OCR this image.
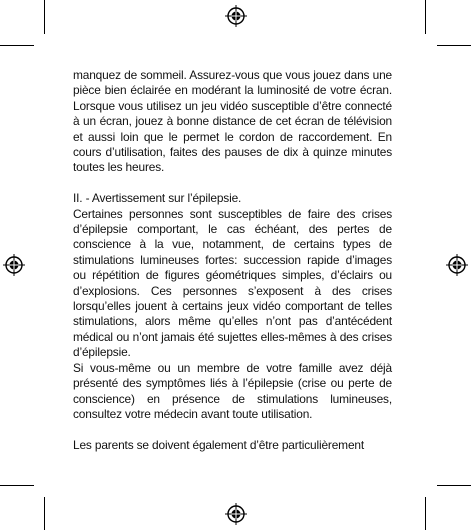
manquez de sommeil. Assurez-vous que vous jouez dans une pièce bien éclairée en modérant la luminosité de votre écran. Lorsque vous utilisez un jeu vidéo susceptible d’être connecté à un écran, jouez à bonne distance de cet écran de télévision et aussi loin que le permet le cordon de raccordement. En cours d’utilisation, faites des pauses de dix à quinze minutes toutes les heures.

II. - Avertissement sur l’épilepsie.

Certaines personnes sont susceptibles de faire des crises d’épilepsie comportant, le cas échéant, des pertes de conscience à la vue, notamment, de certains types de stimulations lumineuses fortes: succession rapide d’images ou répétition de figures géométriques simples, d’éclairs ou d’explosions. Ces personnes s’exposent à des crises lorsqu’elles jouent à certains jeux vidéo comportant de telles stimulations, alors même qu’elles n’ont pas d’antécédent médical ou n’ont jamais été sujettes elles-mêmes à des crises d’épilepsie.

Si vous-même ou un membre de votre famille avez déjà présenté des symptômes liés à l’épilepsie (crise ou perte de conscience) en présence de stimulations lumineuses, consultez votre médecin avant toute utilisation.

Les parents se doivent également d’être particulièrement
